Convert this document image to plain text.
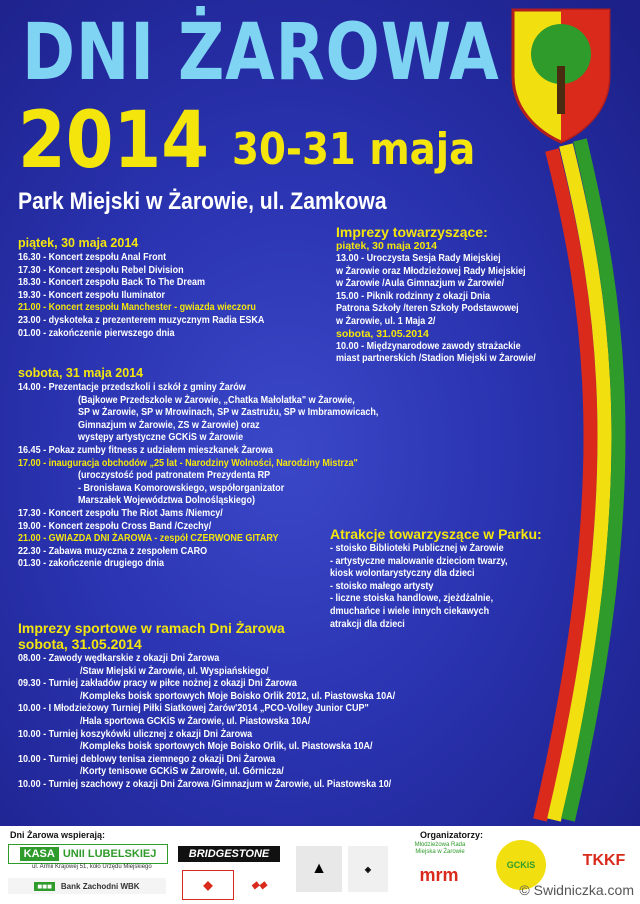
DNI ŻAROWA
2014 30-31 maja
Park Miejski w Żarowie, ul. Zamkowa
piątek, 30 maja 2014
16.30 - Koncert zespołu Anal Front
17.30 - Koncert zespołu Rebel Division
18.30 - Koncert zespołu Back To The Dream
19.30 - Koncert zespołu Iluminator
21.00 - Koncert zespołu Manchester - gwiazda wieczoru
23.00 - dyskoteka z prezenterem muzycznym Radia ESKA
01.00 - zakończenie pierwszego dnia
sobota, 31 maja 2014
14.00 - Prezentacje przedszkoli i szkół z gminy Żarów
(Bajkowe Przedszkole w Żarowie, „Chatka Małolatka" w Żarowie,
SP w Żarowie, SP w Mrowinach, SP w Zastrużu, SP w Imbramowicach,
Gimnazjum w Żarowie, ZS w Żarowie) oraz
występy artystyczne GCKiS w Żarowie
16.45 - Pokaz zumby fitness z udziałem mieszkanek Żarowa
17.00 - inauguracja obchodów „25 lat - Narodziny Wolności, Narodziny Mistrza"
(uroczystość pod patronatem Prezydenta RP
- Bronisława Komorowskiego, współorganizator
Marszałek Województwa Dolnośląskiego)
17.30 - Koncert zespołu The Riot Jams /Niemcy/
19.00 - Koncert zespołu Cross Band /Czechy/
21.00 - GWIAZDA DNI ŻAROWA - zespół CZERWONE GITARY
22.30 - Zabawa muzyczna z zespołem CARO
01.30 - zakończenie drugiego dnia
Imprezy towarzyszące:
piątek, 30 maja 2014
13.00 - Uroczysta Sesja Rady Miejskiej
w Żarowie oraz Młodzieżowej Rady Miejskiej
w Żarowie /Aula Gimnazjum w Żarowie/
15.00 - Piknik rodzinny z okazji Dnia
Patrona Szkoły /teren Szkoły Podstawowej
w Żarowie, ul. 1 Maja 2/
sobota, 31.05.2014
10.00 - Międzynarodowe zawody strażackie
miast partnerskich /Stadion Miejski w Żarowie/
Atrakcje towarzyszące w Parku:
- stoisko Biblioteki Publicznej w Żarowie
- artystyczne malowanie dzieciom twarzy,
kiosk wolontarystyczny dla dzieci
- stoisko małego artysty
- liczne stoiska handlowe, zjeżdżalnie,
dmuchańce i wiele innych ciekawych
atrakcji dla dzieci
Imprezy sportowe w ramach Dni Żarowa
sobota, 31.05.2014
08.00 - Zawody wędkarskie z okazji Dni Żarowa
/Staw Miejski w Żarowie, ul. Wyspiańskiego/
09.30 - Turniej zakładów pracy w piłce nożnej z okazji Dni Żarowa
/Kompleks boisk sportowych Moje Boisko Orlik 2012, ul. Piastowska 10A/
10.00 - I Młodzieżowy Turniej Piłki Siatkowej Żarów'2014 „PCO-Volley Junior CUP"
/Hala sportowa GCKiS w Żarowie, ul. Piastowska 10A/
10.00 - Turniej koszykówki ulicznej z okazji Dni Żarowa
/Kompleks boisk sportowych Moje Boisko Orlik, ul. Piastowska 10A/
10.00 - Turniej deblowy tenisa ziemnego z okazji Dni Żarowa
/Korty tenisowe GCKiS w Żarowie, ul. Górnicza/
10.00 - Turniej szachowy z okazji Dni Żarowa /Gimnazjum w Żarowie, ul. Piastowska 10/
Dni Żarowa wspierają:
KASA UNII LUBELSKIEJ
ul. Armii Krajowej 51, koło Urzędu Miejskiego
■■■	Bank Zachodni WBK
BRIDGESTONE
◆	◆◆
▲	◈
Organizatorzy:
Młodzieżowa Rada Miejska w Żarowie
mrm	GCKiS	TKKF
© Swidniczka.com
